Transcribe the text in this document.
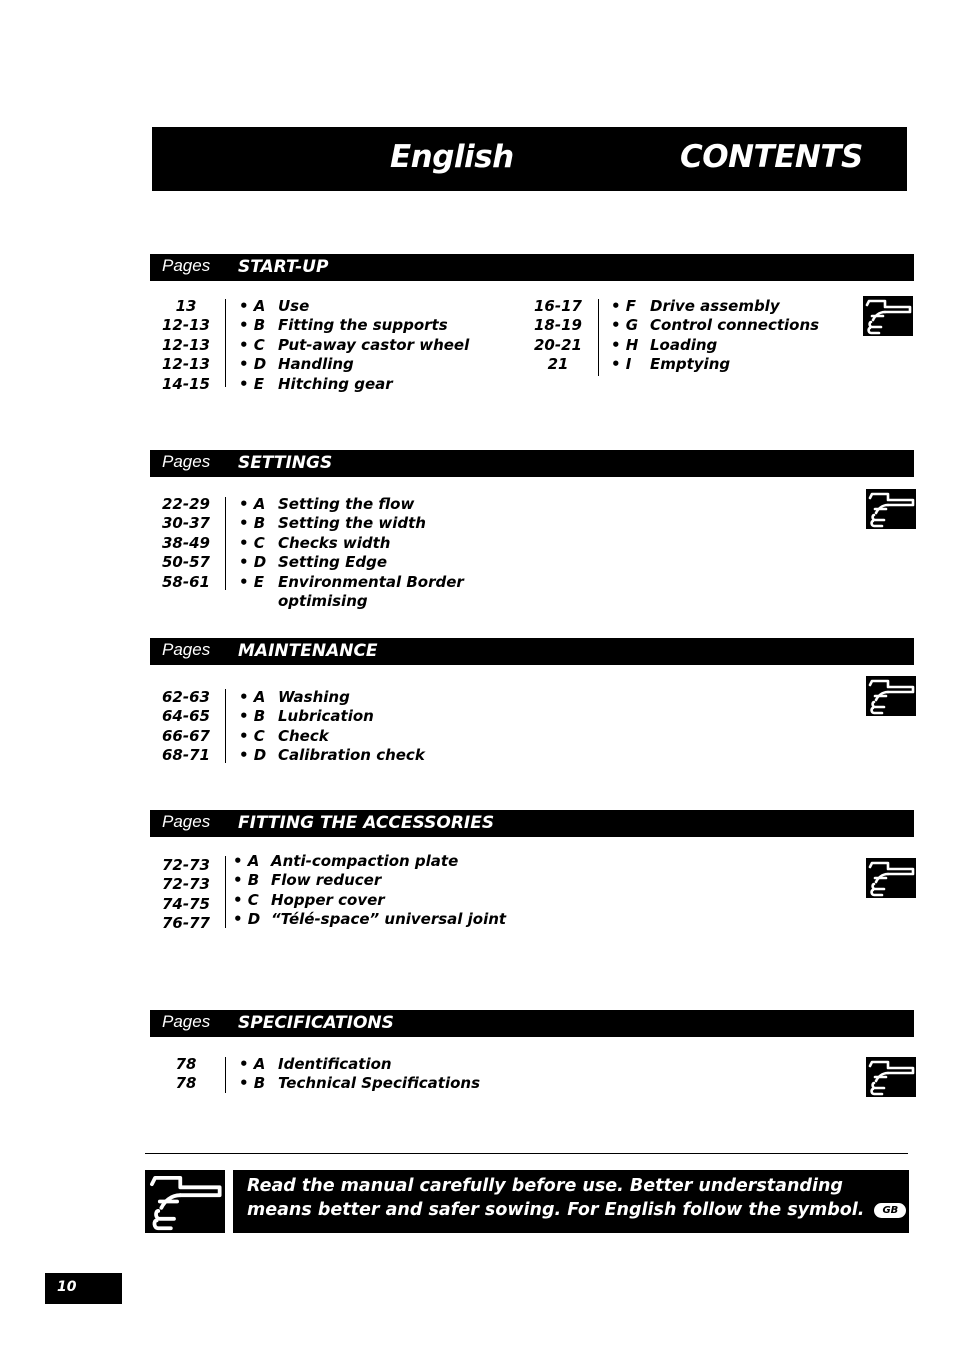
English	CONTENTS
Pages START-UP
13
12-13
12-13
12-13
14-15
• A
• B
• C
• D
• E
Use
Fitting the supports
Put-away castor wheel
Handling
Hitching gear
16-17
18-19
20-21
21
• F
• G
• H
• I
Drive assembly
Control connections
Loading
Emptying
Pages SETTINGS
22-29
30-37
38-49
50-57
58-61
• A
• B
• C
• D
• E
Setting the flow
Setting the width
Checks width
Setting Edge
Environmental Border
optimising
Pages MAINTENANCE
62-63
64-65
66-67
68-71
• A
• B
• C
• D
Washing
Lubrication
Check
Calibration check
Pages FITTING THE ACCESSORIES
72-73
72-73
74-75
76-77
• A
• B
• C
• D
Anti-compaction plate
Flow reducer
Hopper cover
“Télé-space” universal joint
Pages SPECIFICATIONS
78
78
• A
• B
Identification
Technical Specifications
Read the manual carefully before use. Better understanding
means better and safer sowing. For English follow the symbol. GB
10
